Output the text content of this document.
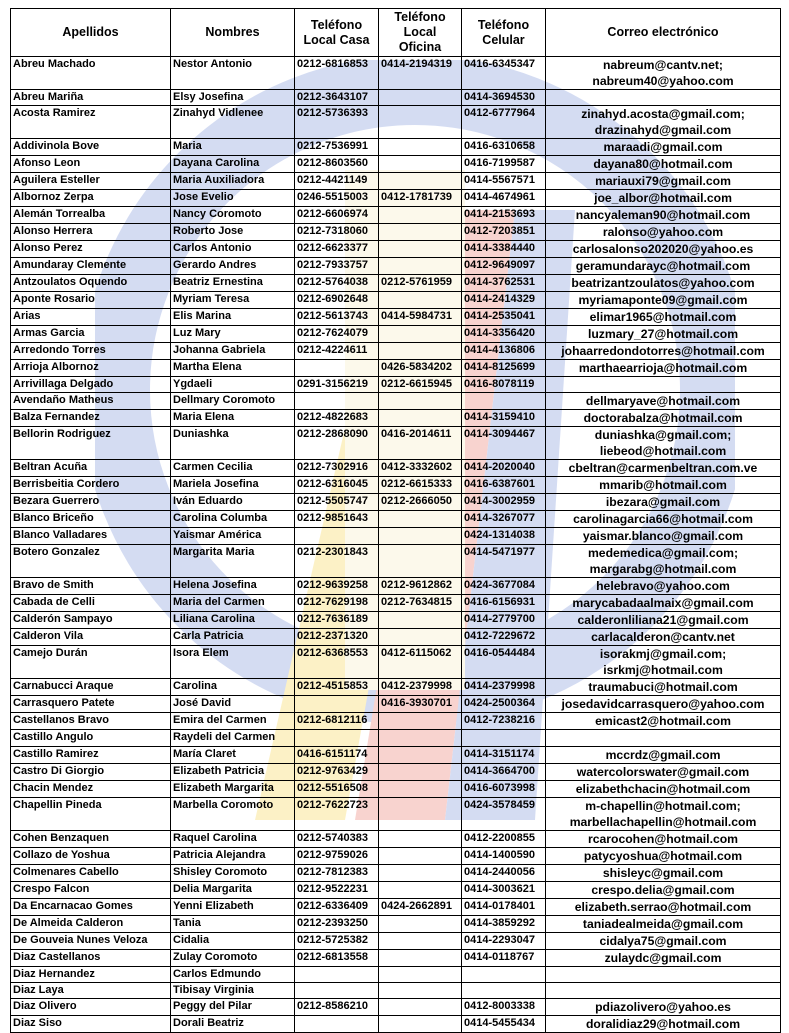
Apellidos	Nombres	Teléfono Local Casa	Teléfono Local Oficina	Teléfono Celular	Correo electrónico
Abreu Machado	Nestor Antonio	0212-6816853	0414-2194319	0416-6345347	nabreum@cantv.net;
nabreum40@yahoo.com

Abreu Mariña	Elsy Josefina	0212-3643107		0414-3694530	
Acosta Ramirez	Zinahyd Vidlenee	0212-5736393		0412-6777964	zinahyd.acosta@gmail.com;
drazinahyd@gmail.com

Addivinola Bove	Maria	0212-7536991		0416-6310658	maraadi@gmail.com

Afonso Leon	Dayana Carolina	0212-8603560		0416-7199587	dayana80@hotmail.com

Aguilera Esteller	Maria Auxiliadora	0212-4421149		0414-5567571	mariauxi79@gmail.com

Albornoz Zerpa	Jose Evelio	0246-5515003	0412-1781739	0414-4674961	joe_albor@hotmail.com

Alemán Torrealba	Nancy Coromoto	0212-6606974		0414-2153693	nancyaleman90@hotmail.com

Alonso Herrera	Roberto Jose	0212-7318060		0412-7203851	ralonso@yahoo.com

Alonso Perez	Carlos Antonio	0212-6623377		0414-3384440	carlosalonso202020@yahoo.es

Amundaray Clemente	Gerardo Andres	0212-7933757		0412-9649097	geramundarayc@hotmail.com

Antzoulatos Oquendo	Beatriz Ernestina	0212-5764038	0212-5761959	0414-3762531	beatrizantzoulatos@yahoo.com

Aponte Rosario	Myriam Teresa	0212-6902648		0414-2414329	myriamaponte09@gmail.com

Arias	Elis Marina	0212-5613743	0414-5984731	0414-2535041	elimar1965@hotmail.com

Armas Garcia	Luz Mary	0212-7624079		0414-3356420	luzmary_27@hotmail.com

Arredondo Torres	Johanna Gabriela	0212-4224611		0414-4136806	johaarredondotorres@hotmail.com

Arrioja Albornoz	Martha Elena		0426-5834202	0414-8125699	marthaearrioja@hotmail.com

Arrivillaga Delgado	Ygdaeli	0291-3156219	0212-6615945	0416-8078119	
Avendaño Matheus	Dellmary Coromoto				dellmaryave@hotmail.com

Balza Fernandez	Maria Elena	0212-4822683		0414-3159410	doctorabalza@hotmail.com

Bellorin Rodriguez	Duniashka	0212-2868090	0416-2014611	0414-3094467	duniashka@gmail.com;
liebeod@hotmail.com

Beltran Acuña	Carmen Cecilia	0212-7302916	0412-3332602	0414-2020040	cbeltran@carmenbeltran.com.ve

Berrisbeitia Cordero	Mariela Josefina	0212-6316045	0212-6615333	0416-6387601	mmarib@hotmail.com

Bezara Guerrero	Iván Eduardo	0212-5505747	0212-2666050	0414-3002959	ibezara@gmail.com

Blanco Briceño	Carolina Columba	0212-9851643		0414-3267077	carolinagarcia66@hotmail.com

Blanco Valladares	Yaismar América			0424-1314038	yaismar.blanco@gmail.com

Botero Gonzalez	Margarita Maria	0212-2301843		0414-5471977	medemedica@gmail.com;
margarabg@hotmail.com

Bravo de Smith	Helena Josefina	0212-9639258	0212-9612862	0424-3677084	helebravo@yahoo.com

Cabada de Celli	Maria del Carmen	0212-7629198	0212-7634815	0416-6156931	marycabadaalmaix@gmail.com

Calderón Sampayo	Liliana Carolina	0212-7636189		0414-2779700	calderonliliana21@gmail.com

Calderon Vila	Carla Patricia	0212-2371320		0412-7229672	carlacalderon@cantv.net

Camejo Durán	Isora Elem	0212-6368553	0412-6115062	0416-0544484	isorakmj@gmail.com;
isrkmj@hotmail.com

Carnabucci Araque	Carolina	0212-4515853	0412-2379998	0414-2379998	traumabuci@hotmail.com

Carrasquero Patete	José David		0416-3930701	0424-2500364	josedavidcarrasquero@yahoo.com

Castellanos Bravo	Emira del Carmen	0212-6812116		0412-7238216	emicast2@hotmail.com

Castillo Angulo	Raydeli del Carmen				
Castillo Ramirez	María Claret	0416-6151174		0414-3151174	mccrdz@gmail.com

Castro Di Giorgio	Elizabeth Patricia	0212-9763429		0414-3664700	watercolorswater@gmail.com

Chacin Mendez	Elizabeth Margarita	0212-5516508		0416-6073998	elizabethchacin@hotmail.com

Chapellin Pineda	Marbella Coromoto	0212-7622723		0424-3578459	m-chapellin@hotmail.com;
marbellachapellin@hotmail.com

Cohen Benzaquen	Raquel Carolina	0212-5740383		0412-2200855	rcarocohen@hotmail.com

Collazo de Yoshua	Patricia Alejandra	0212-9759026		0414-1400590	patycyoshua@hotmail.com

Colmenares Cabello	Shisley Coromoto	0212-7812383		0414-2440056	shisleyc@gmail.com

Crespo Falcon	Delia Margarita	0212-9522231		0414-3003621	crespo.delia@gmail.com

Da Encarnacao Gomes	Yenni Elizabeth	0212-6336409	0424-2662891	0414-0178401	elizabeth.serrao@hotmail.com

De Almeida Calderon	Tania	0212-2393250		0414-3859292	taniadealmeida@gmail.com

De Gouveia Nunes Veloza	Cidalia	0212-5725382		0414-2293047	cidalya75@gmail.com

Diaz Castellanos	Zulay Coromoto	0212-6813558		0414-0118767	zulaydc@gmail.com

Diaz Hernandez	Carlos Edmundo				
Diaz Laya	Tibisay Virginia				
Diaz Olivero	Peggy del Pilar	0212-8586210		0412-8003338	pdiazolivero@yahoo.es

Diaz Siso	Dorali Beatriz			0414-5455434	doralidiaz29@hotmail.com
